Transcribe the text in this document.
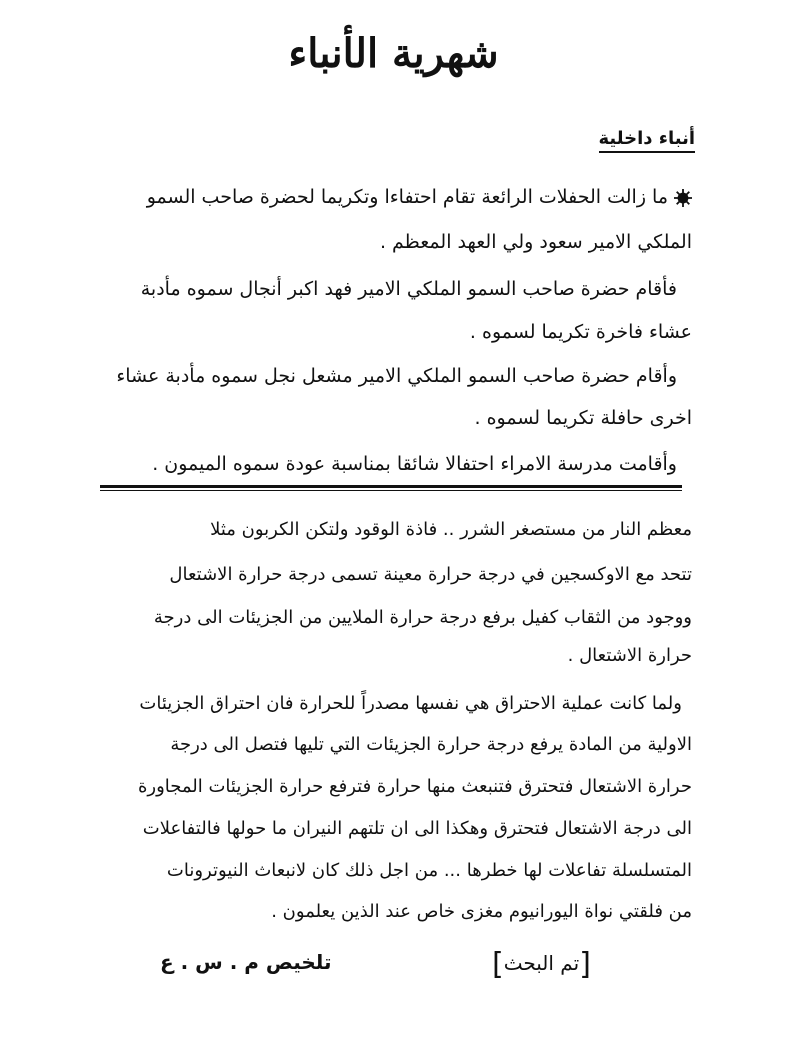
شهرية الأنباء
أنباء داخلية
ما زالت الحفلات الرائعة تقام احتفاءا وتكريما لحضرة صاحب السمو
الملكي الامير سعود ولي العهد المعظم .
فأقام حضرة صاحب السمو الملكي الامير فهد اكبر أنجال سموه مأدبة
عشاء فاخرة تكريما لسموه .
وأقام حضرة صاحب السمو الملكي الامير مشعل نجل سموه مأدبة عشاء
اخرى حافلة تكريما لسموه .
وأقامت مدرسة الامراء احتفالا شائقا بمناسبة عودة سموه الميمون .
معظم النار من مستصغر الشرر .. فاذة الوقود ولتكن الكربون مثلا
تتحد مع الاوكسجين في درجة حرارة معينة تسمى درجة حرارة الاشتعال
ووجود من الثقاب كفيل برفع درجة حرارة الملايين من الجزيئات الى درجة
حرارة الاشتعال .
ولما كانت عملية الاحتراق هي نفسها مصدراً للحرارة فان احتراق الجزيئات
الاولية من المادة يرفع درجة حرارة الجزيئات التي تليها فتصل الى درجة
حرارة الاشتعال فتحترق فتنبعث منها حرارة فترفع حرارة الجزيئات المجاورة
الى درجة الاشتعال فتحترق وهكذا الى ان تلتهم النيران ما حولها فالتفاعلات
المتسلسلة تفاعلات لها خطرها ... من اجل ذلك كان لانبعاث النيوترونات
من فلقتي نواة اليورانيوم مغزى خاص عند الذين يعلمون .
[تم البحث]
تلخيص م . س . ع
